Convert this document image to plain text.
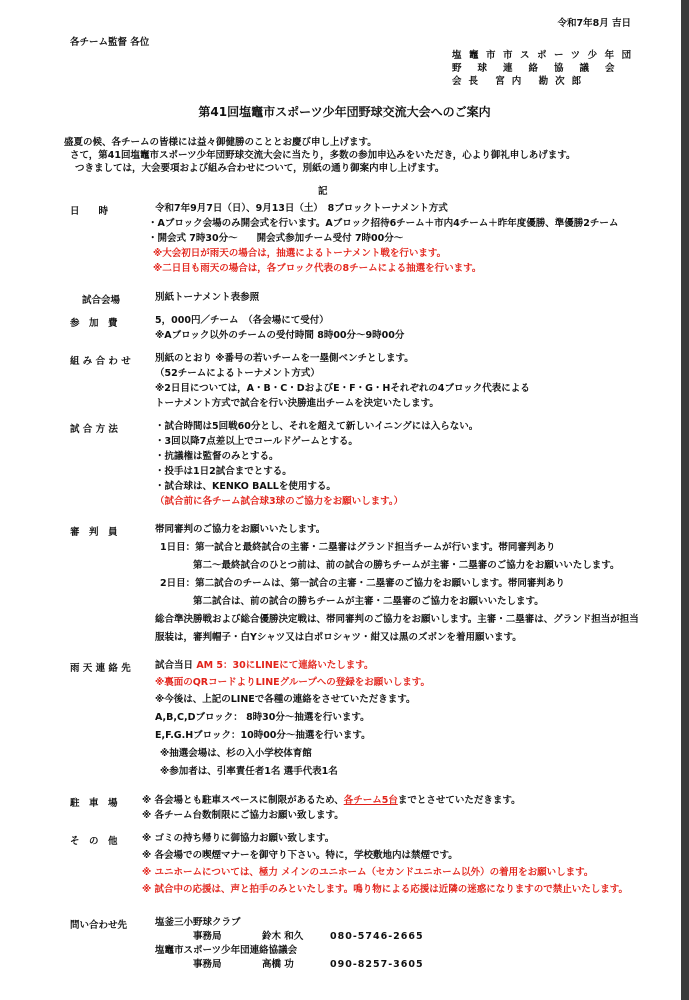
令和7年8月 吉日
各チーム監督 各位
塩竈市市スポーツ少年団
野球連絡協議会
会長 宮内 勘次郎
第41回塩竈市スポーツ少年団野球交流大会へのご案内
盛夏の候、各チームの皆様には益々御健勝のこととお慶び申し上げます。
さて，第41回塩竈市スポーツ少年団野球交流大会に当たり，多数の参加申込みをいただき，心より御礼申しあげます。
つきましては，大会要項および組み合わせについて，別紙の通り御案内申し上げます。
記
日　　時	令和7年9月7日（日）、9月13日（土）　8ブロックトーナメント方式
・Aブロック会場のみ開会式を行います。Aブロック招待6チーム＋市内4チーム＋昨年度優勝、準優勝2チーム
・開会式 7時30分～　　開会式参加チーム受付 7時00分～
※大会初日が雨天の場合は，抽選によるトーナメント戦を行います。
※二日目も雨天の場合は，各ブロック代表の8チームによる抽選を行います。
試合会場	別紙トーナメント表参照
参　加　費	5，000円／チーム　（各会場にて受付）
※Aブロック以外のチームの受付時間 8時00分～9時00分
組 み 合 わ せ	別紙のとおり ※番号の若いチームを一塁側ベンチとします。
（52チームによるトーナメント方式）
※2日目については，A・B・C・DおよびE・F・G・Hそれぞれの4ブロック代表による
トーナメント方式で試合を行い決勝進出チームを決定いたします。
試 合 方 法	・試合時間は5回戦60分とし、それを超えて新しいイニングには入らない。
・3回以降7点差以上でコールドゲームとする。
・抗議権は監督のみとする。
・投手は1日2試合までとする。
・試合球は、KENKO BALLを使用する。
（試合前に各チーム試合球3球のご協力をお願いします。）
審　判　員	帯同審判のご協力をお願いいたします。
1日目：第一試合と最終試合の主審・二塁審はグランド担当チームが行います。帯同審判あり
第二～最終試合のひとつ前は、前の試合の勝ちチームが主審・二塁審のご協力をお願いいたします。
2日目：第二試合のチームは、第一試合の主審・二塁審のご協力をお願いします。帯同審判あり
第二試合は、前の試合の勝ちチームが主審・二塁審のご協力をお願いいたします。
総合準決勝戦および総合優勝決定戦は、帯同審判のご協力をお願いします。主審・二塁審は、グランド担当が担当
服装は，審判帽子・白Yシャツ又は白ポロシャツ・紺又は黒のズボンを着用願います。
雨 天 連 絡 先	試合当日 AM 5：30にLINEにて連絡いたします。
※裏面のQRコードよりLINEグループへの登録をお願いします。
※今後は、上記のLINEで各種の連絡をさせていただきます。
A,B,C,Dブロック： 8時30分～抽選を行います。
E,F.G.Hブロック：10時00分～抽選を行います。
※抽選会場は、杉の入小学校体育館
※参加者は、引率責任者1名 選手代表1名
駐　車　場	※ 各会場とも駐車スペースに制限があるため、各チーム5台までとさせていただきます。
※ 各チーム台数制限にご協力お願い致します。
そ　の　他	※ ゴミの持ち帰りに御協力お願い致します。
※ 各会場での喫煙マナーを御守り下さい。特に，学校敷地内は禁煙です。
※ ユニホームについては、極力 メインのユニホーム（セカンドユニホーム以外）の着用をお願いします。
※ 試合中の応援は、声と拍手のみといたします。鳴り物による応援は近隣の迷惑になりますので禁止いたします。
問い合わせ先	塩釜三小野球クラブ
事務局	鈴木 和久	080-5746-2665
塩竈市スポーツ少年団連絡協議会
事務局	高橋 功	090-8257-3605
